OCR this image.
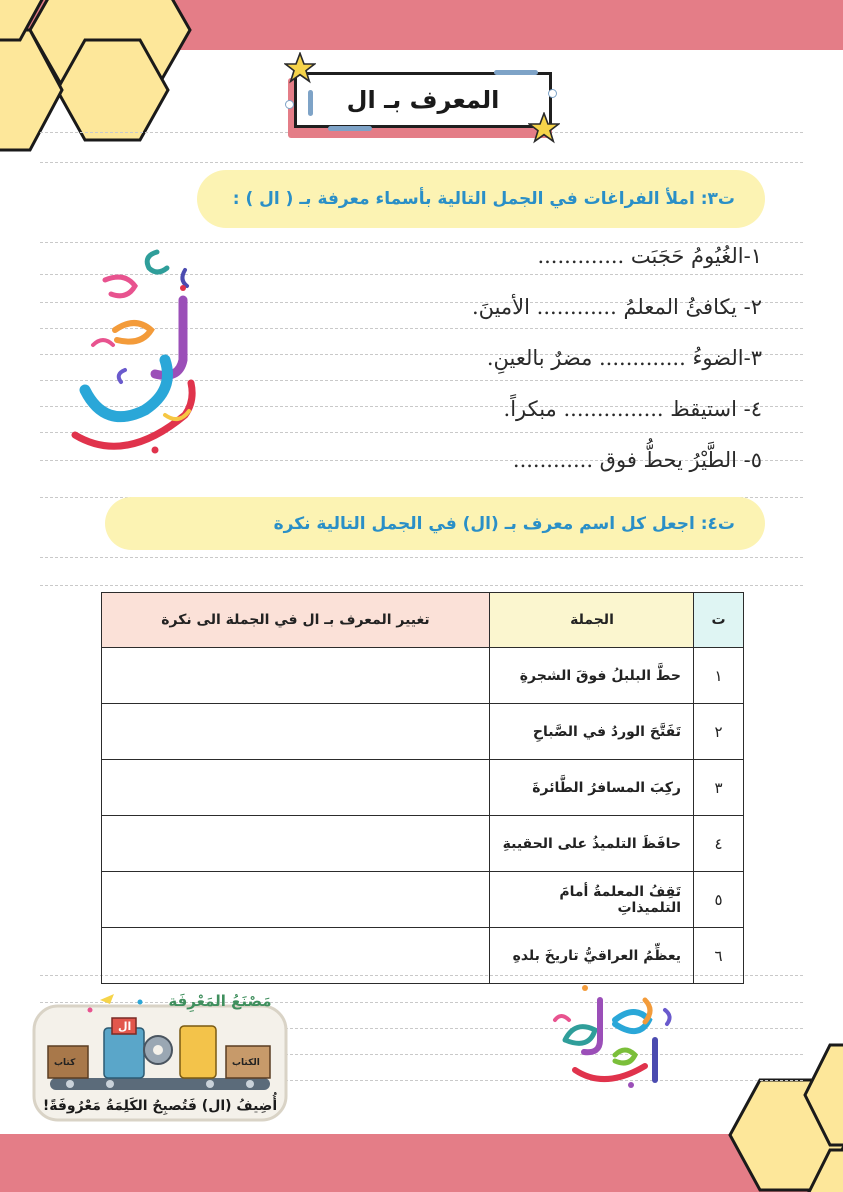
المعرف بـ ال
ت٣: املأ الفراغات في الجمل التالية بأسماء معرفة بـ ( ال ) :
١-الغُيُومُ حَجَبَت .............
٢- يكافئُ المعلمُ ............ الأمينَ.
٣-الضوءُ ............. مضرٌ بالعينِ.
٤- استيقظ ............... مبكراً.
٥- الطَّيْرُ يحطُّ فوق ............
ت٤: اجعل كل اسم معرف بـ (ال) في الجمل التالية نكرة
ت	الجملة	تغيير المعرف بـ ال في الجملة الى نكرة
١	حطَّ البلبلُ فوقَ الشجرةِ	
٢	تَفَتَّحَ الوردُ في الصَّباحِ	
٣	ركِبَ المسافرُ الطَّائرةَ	
٤	حافَظَ التلميذُ على الحقيبةِ	
٥	تَقِفُ المعلمةُ أمامَ التلميذاتِ	
٦	يعظِّمُ العراقيُّ تاريخَ بلدهِ	
مَصْنَعُ المَعْرِفَة
ال
كتاب	الكتاب
أُضِيفُ (ال) فَتُصبِحُ الكَلِمَةُ مَعْرُوفَةً!
